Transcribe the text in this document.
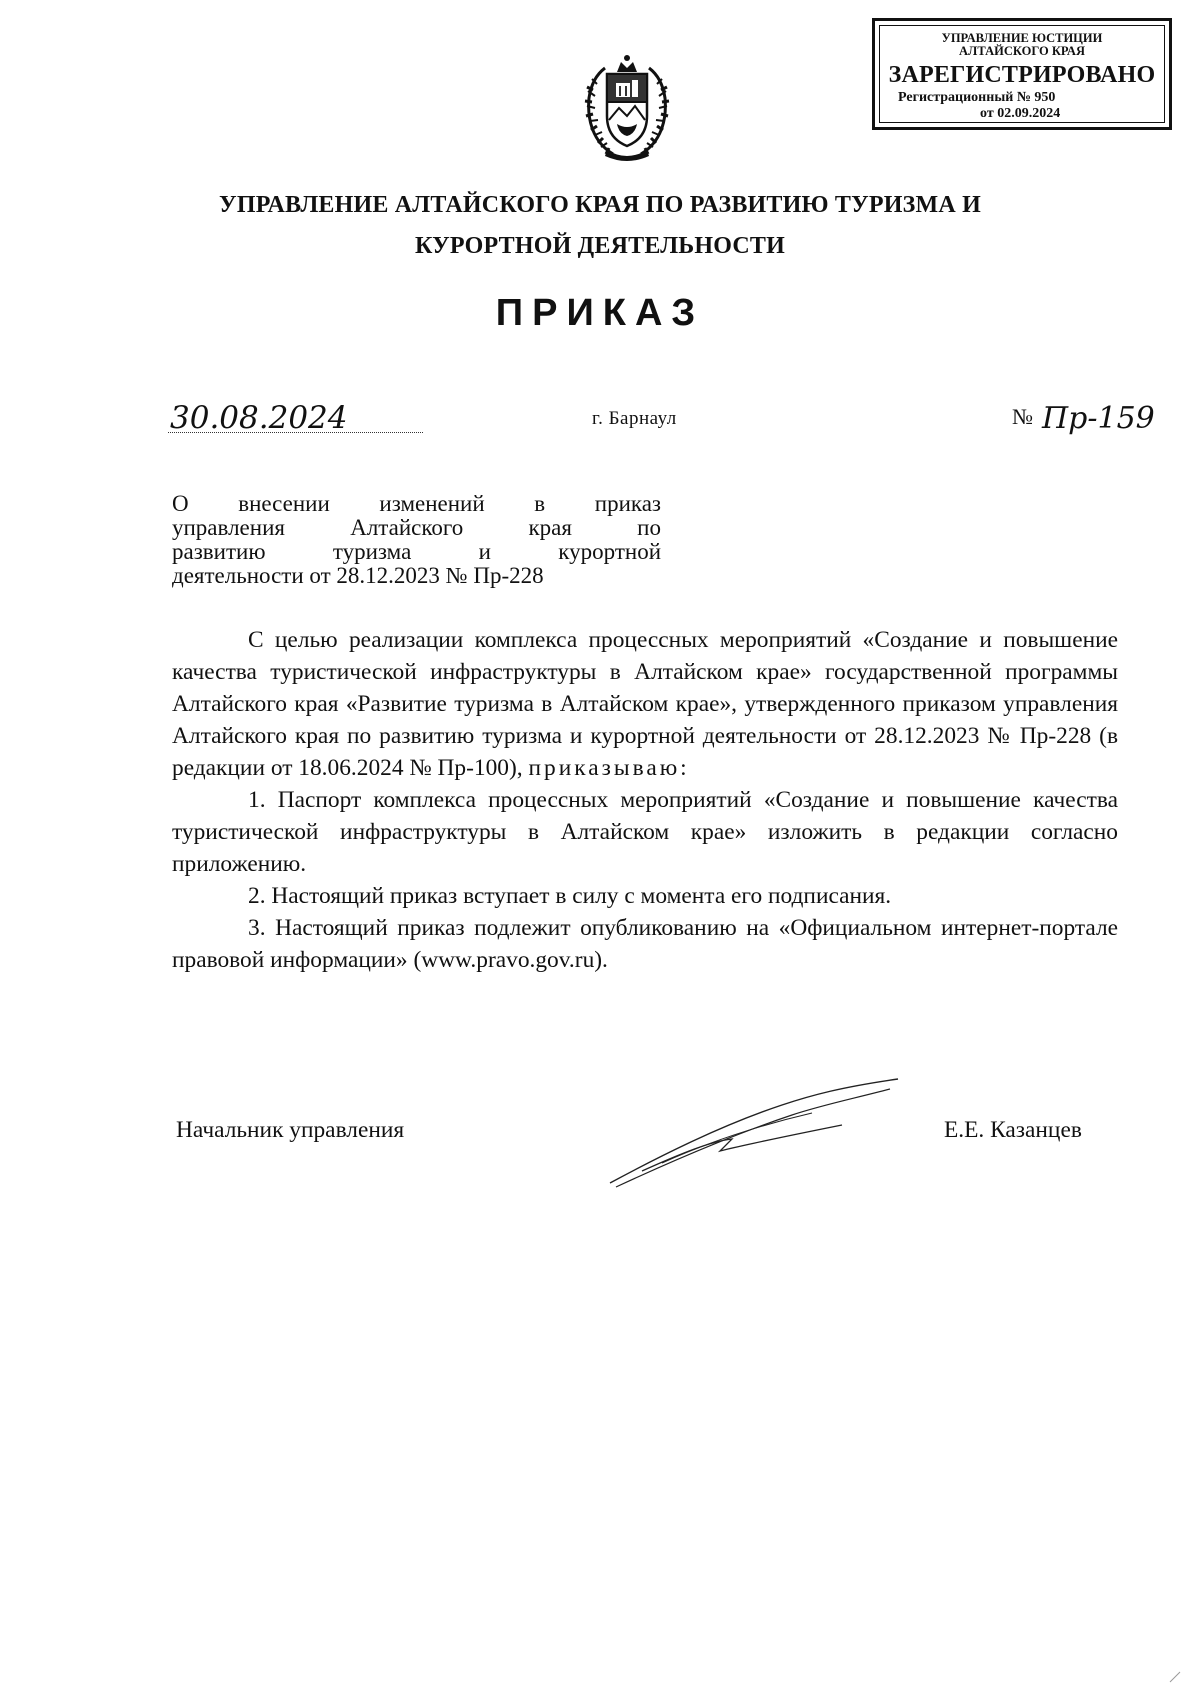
УПРАВЛЕНИЕ ЮСТИЦИИ
АЛТАЙСКОГО КРАЯ
ЗАРЕГИСТРИРОВАНО
Регистрационный № 950
от 02.09.2024
УПРАВЛЕНИЕ АЛТАЙСКОГО КРАЯ ПО РАЗВИТИЮ ТУРИЗМА И
КУРОРТНОЙ ДЕЯТЕЛЬНОСТИ
ПРИКАЗ
30.08.2024	г. Барнаул	№ Пр-159
О внесении изменений в приказ
управления Алтайского края по
развитию туризма и курортной
деятельности от 28.12.2023 № Пр-228

С целью реализации комплекса процессных мероприятий «Создание и повышение качества туристической инфраструктуры в Алтайском крае» государственной программы Алтайского края «Развитие туризма в Алтайском крае», утвержденного приказом управления Алтайского края по развитию туризма и курортной деятельности от 28.12.2023 № Пр-228 (в редакции от 18.06.2024 № Пр-100), приказываю:

1. Паспорт комплекса процессных мероприятий «Создание и повышение качества туристической инфраструктуры в Алтайском крае» изложить в редакции согласно приложению.

2. Настоящий приказ вступает в силу с момента его подписания.

3. Настоящий приказ подлежит опубликованию на «Официальном интернет-портале правовой информации» (www.pravo.gov.ru).

Начальник управления	Е.Е. Казанцев
